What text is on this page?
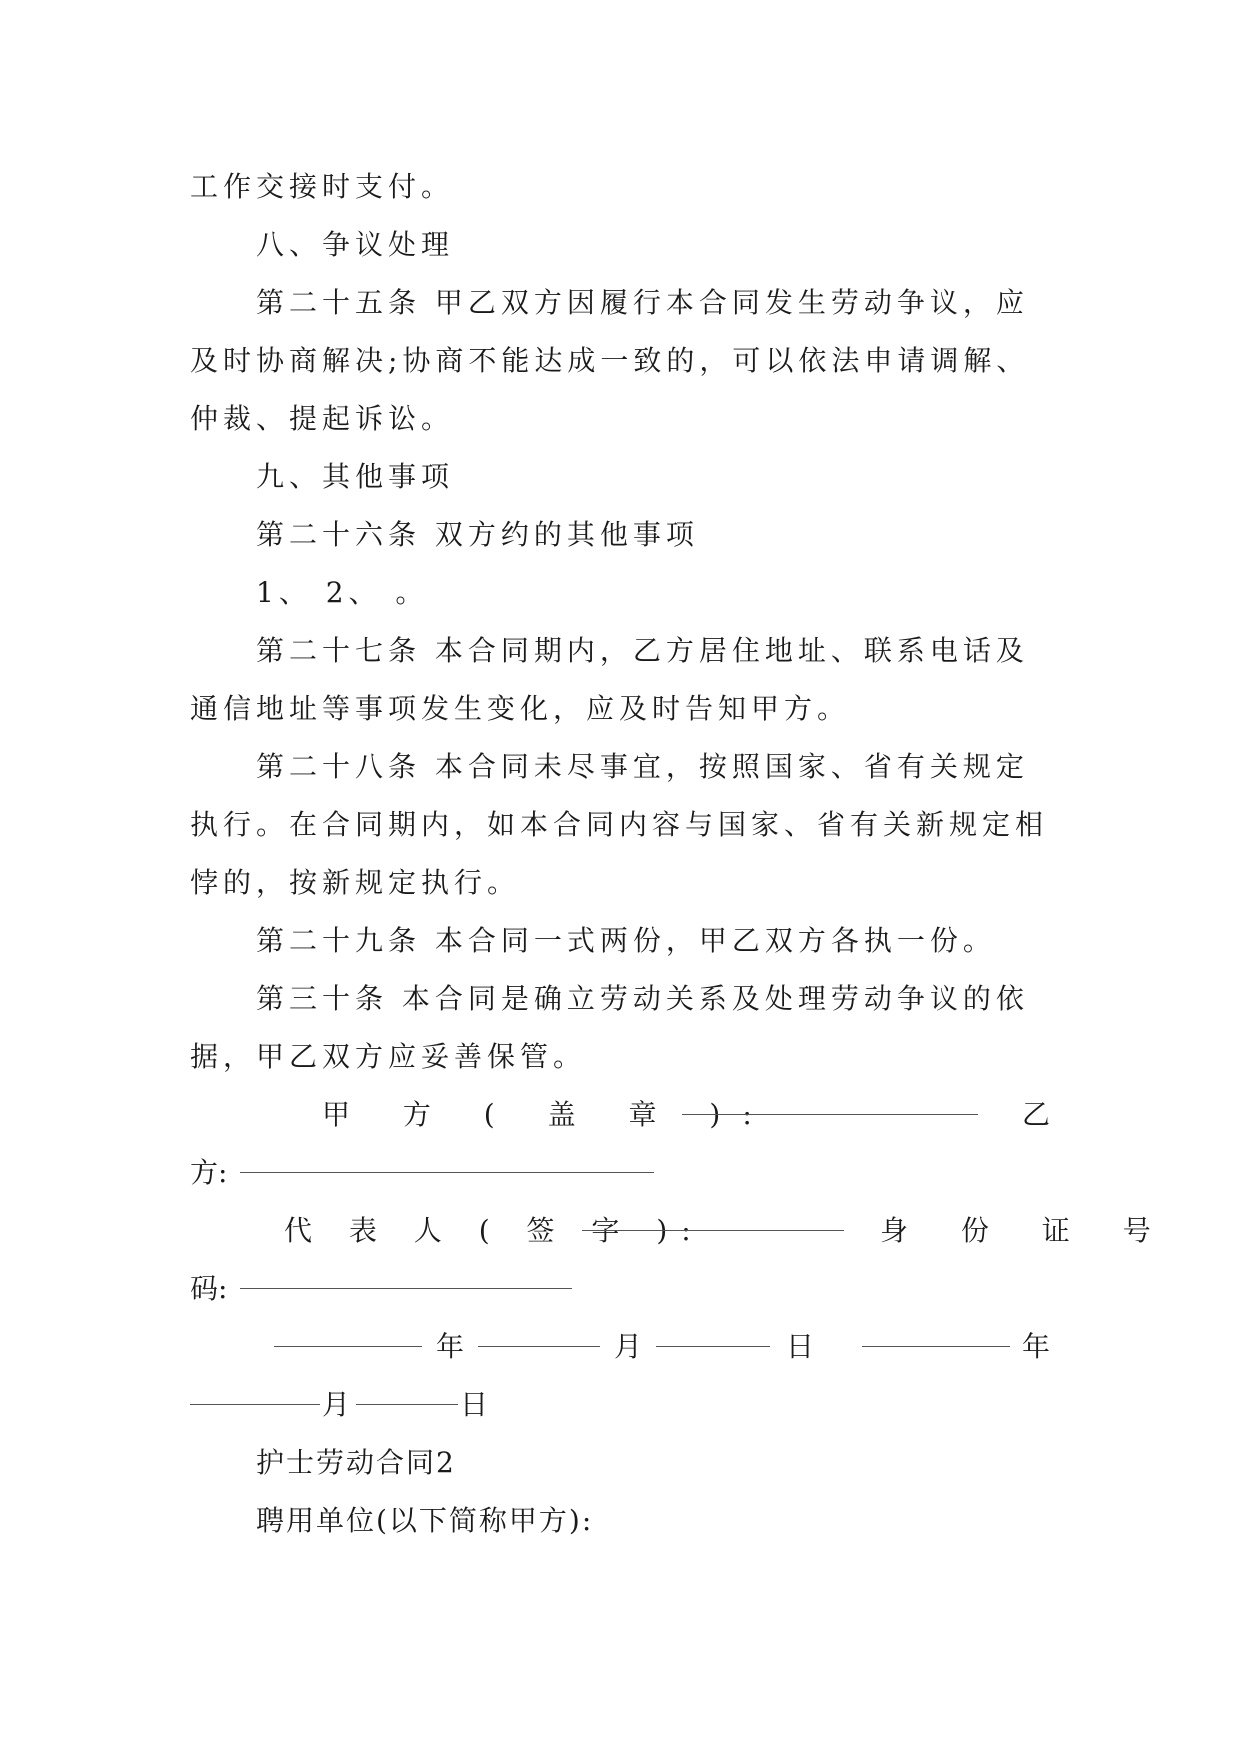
工作交接时支付。
八、争议处理
第二十五条 甲乙双方因履行本合同发生劳动争议，应
及时协商解决;协商不能达成一致的，可以依法申请调解、
仲裁、提起诉讼。
九、其他事项
第二十六条 双方约的其他事项
1、 2、 。
第二十七条 本合同期内，乙方居住地址、联系电话及
通信地址等事项发生变化，应及时告知甲方。
第二十八条 本合同未尽事宜，按照国家、省有关规定
执行。在合同期内，如本合同内容与国家、省有关新规定相
悖的，按新规定执行。
第二十九条 本合同一式两份，甲乙双方各执一份。
第三十条 本合同是确立劳动关系及处理劳动争议的依
据，甲乙双方应妥善保管。
甲 方 ( 盖 章 ):	乙
方:
代 表 人 ( 签 字 ):	身 份 证 号
码:
年	月	日	年
月	日
护士劳动合同2
聘用单位(以下简称甲方):
